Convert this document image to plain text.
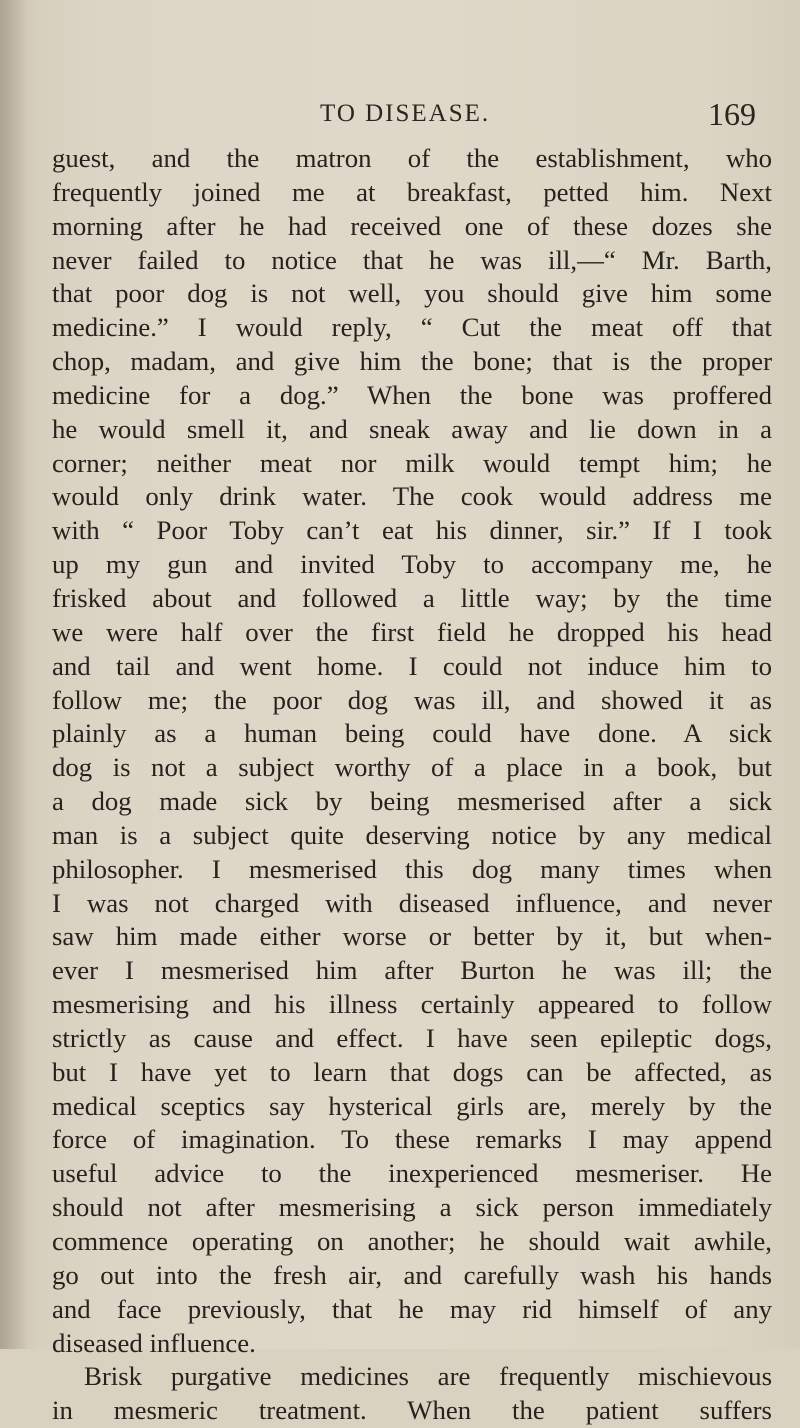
TO DISEASE.	169
guest, and the matron of the establishment, who
frequently joined me at breakfast, petted him. Next
morning after he had received one of these dozes she
never failed to notice that he was ill,—“ Mr. Barth,
that poor dog is not well, you should give him some
medicine.” I would reply, “ Cut the meat off that
chop, madam, and give him the bone; that is the proper
medicine for a dog.” When the bone was proffered
he would smell it, and sneak away and lie down in a
corner; neither meat nor milk would tempt him; he
would only drink water. The cook would address me
with “ Poor Toby can’t eat his dinner, sir.” If I took
up my gun and invited Toby to accompany me, he
frisked about and followed a little way; by the time
we were half over the first field he dropped his head
and tail and went home. I could not induce him to
follow me; the poor dog was ill, and showed it as
plainly as a human being could have done. A sick
dog is not a subject worthy of a place in a book, but
a dog made sick by being mesmerised after a sick
man is a subject quite deserving notice by any medical
philosopher. I mesmerised this dog many times when
I was not charged with diseased influence, and never
saw him made either worse or better by it, but when-
ever I mesmerised him after Burton he was ill; the
mesmerising and his illness certainly appeared to follow
strictly as cause and effect. I have seen epileptic dogs,
but I have yet to learn that dogs can be affected, as
medical sceptics say hysterical girls are, merely by the
force of imagination. To these remarks I may append
useful advice to the inexperienced mesmeriser. He
should not after mesmerising a sick person immediately
commence operating on another; he should wait awhile,
go out into the fresh air, and carefully wash his hands
and face previously, that he may rid himself of any
diseased influence.
Brisk purgative medicines are frequently mischievous
in mesmeric treatment. When the patient suffers
